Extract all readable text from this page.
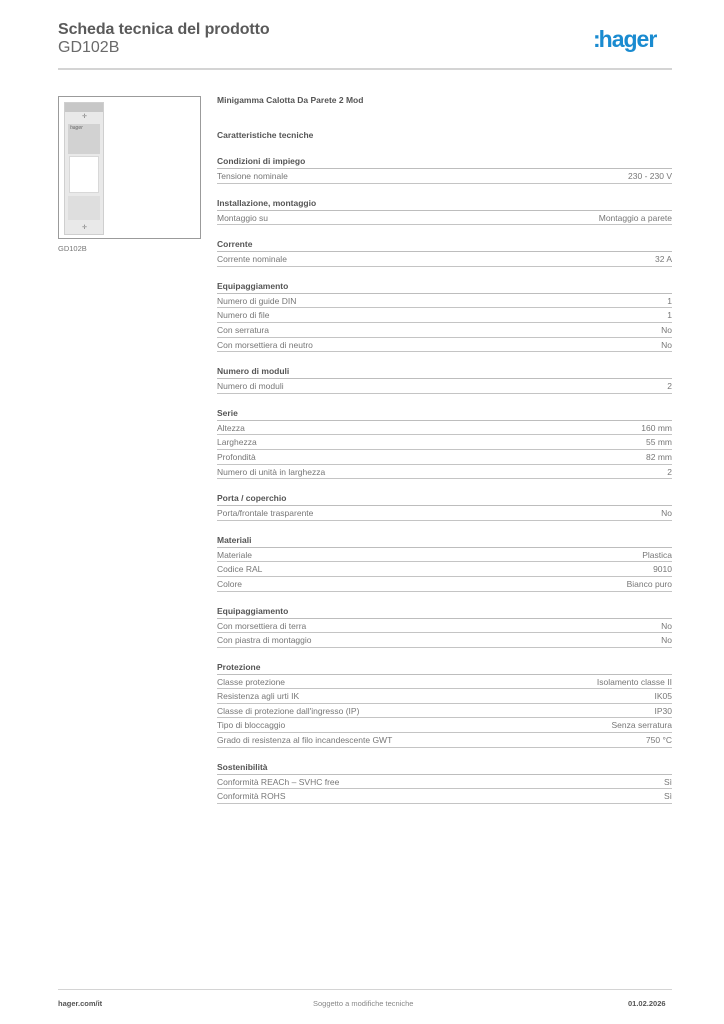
Scheda tecnica del prodotto
GD102B	:hager
✛
hager
✛
GD102B
Minigamma Calotta Da Parete 2 Mod
Caratteristiche tecniche
Condizioni di impiego
Tensione nominale	230 - 230 V
Installazione, montaggio
Montaggio su	Montaggio a parete
Corrente
Corrente nominale	32 A
Equipaggiamento
Numero di guide DIN	1
Numero di file	1
Con serratura	No
Con morsettiera di neutro	No
Numero di moduli
Numero di moduli	2
Serie
Altezza	160 mm
Larghezza	55 mm
Profondità	82 mm
Numero di unità in larghezza	2
Porta / coperchio
Porta/frontale trasparente	No
Materiali
Materiale	Plastica
Codice RAL	9010
Colore	Bianco puro
Equipaggiamento
Con morsettiera di terra	No
Con piastra di montaggio	No
Protezione
Classe protezione	Isolamento classe II
Resistenza agli urti IK	IK05
Classe di protezione dall'ingresso (IP)	IP30
Tipo di bloccaggio	Senza serratura
Grado di resistenza al filo incandescente GWT	750 °C
Sostenibilità
Conformità REACh – SVHC free	Sì
Conformità ROHS	Sì
hager.com/it	Soggetto a modifiche tecniche	01.02.2026
